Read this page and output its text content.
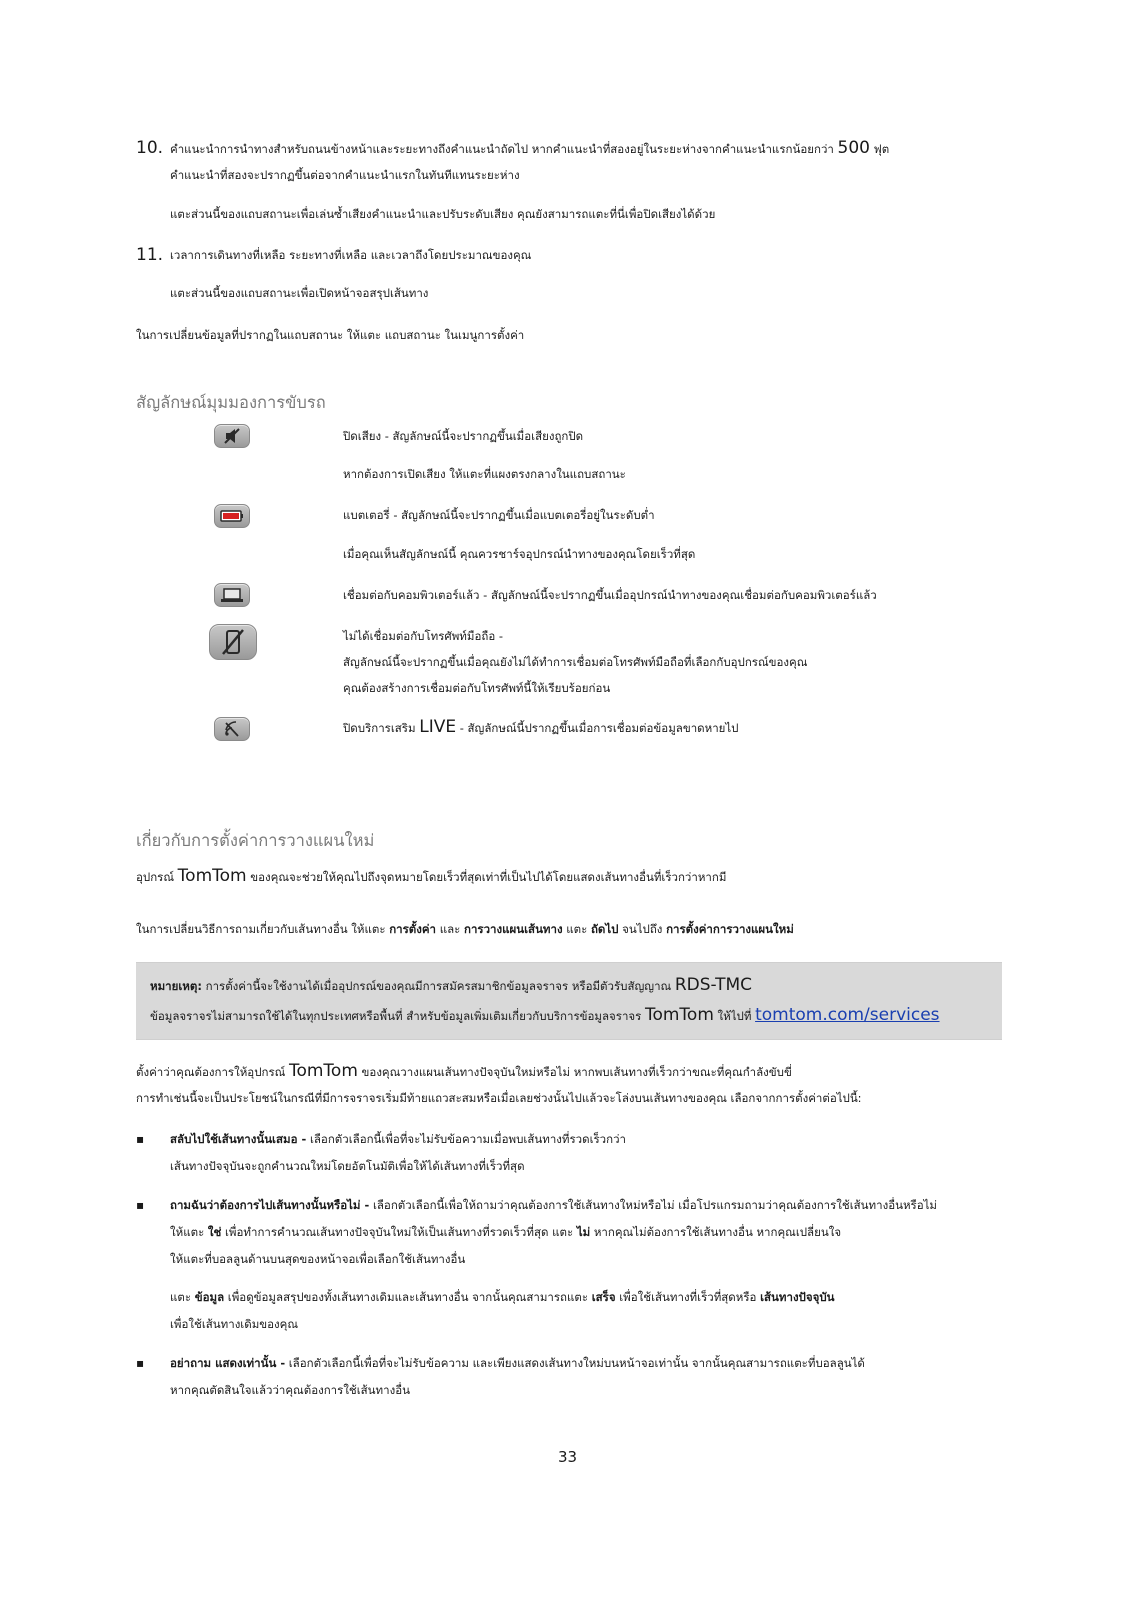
10. คำแนะนำการนำทางสำหรับถนนข้างหน้าและระยะทางถึงคำแนะนำถัดไป หากคำแนะนำที่สองอยู่ในระยะห่างจากคำแนะนำแรกน้อยกว่า 500 ฟุต
คำแนะนำที่สองจะปรากฏขึ้นต่อจากคำแนะนำแรกในทันทีแทนระยะห่าง
แตะส่วนนี้ของแถบสถานะเพื่อเล่นซ้ำเสียงคำแนะนำและปรับระดับเสียง คุณยังสามารถแตะที่นี่เพื่อปิดเสียงได้ด้วย
11. เวลาการเดินทางที่เหลือ ระยะทางที่เหลือ และเวลาถึงโดยประมาณของคุณ
แตะส่วนนี้ของแถบสถานะเพื่อเปิดหน้าจอสรุปเส้นทาง
ในการเปลี่ยนข้อมูลที่ปรากฏในแถบสถานะ ให้แตะ แถบสถานะ ในเมนูการตั้งค่า
สัญลักษณ์มุมมองการขับรถ
ปิดเสียง - สัญลักษณ์นี้จะปรากฏขึ้นเมื่อเสียงถูกปิด
หากต้องการเปิดเสียง ให้แตะที่แผงตรงกลางในแถบสถานะ
แบตเตอรี่ - สัญลักษณ์นี้จะปรากฏขึ้นเมื่อแบตเตอรี่อยู่ในระดับต่ำ
เมื่อคุณเห็นสัญลักษณ์นี้ คุณควรชาร์จอุปกรณ์นำทางของคุณโดยเร็วที่สุด
เชื่อมต่อกับคอมพิวเตอร์แล้ว - สัญลักษณ์นี้จะปรากฏขึ้นเมื่ออุปกรณ์นำทางของคุณเชื่อมต่อกับคอมพิวเตอร์แล้ว
ไม่ได้เชื่อมต่อกับโทรศัพท์มือถือ -
สัญลักษณ์นี้จะปรากฏขึ้นเมื่อคุณยังไม่ได้ทำการเชื่อมต่อโทรศัพท์มือถือที่เลือกกับอุปกรณ์ของคุณ
คุณต้องสร้างการเชื่อมต่อกับโทรศัพท์นี้ให้เรียบร้อยก่อน
ปิดบริการเสริม LIVE - สัญลักษณ์นี้ปรากฏขึ้นเมื่อการเชื่อมต่อข้อมูลขาดหายไป
เกี่ยวกับการตั้งค่าการวางแผนใหม่
อุปกรณ์ TomTom ของคุณจะช่วยให้คุณไปถึงจุดหมายโดยเร็วที่สุดเท่าที่เป็นไปได้โดยแสดงเส้นทางอื่นที่เร็วกว่าหากมี
ในการเปลี่ยนวิธีการถามเกี่ยวกับเส้นทางอื่น ให้แตะ การตั้งค่า และ การวางแผนเส้นทาง แตะ ถัดไป จนไปถึง การตั้งค่าการวางแผนใหม่
หมายเหตุ: การตั้งค่านี้จะใช้งานได้เมื่ออุปกรณ์ของคุณมีการสมัครสมาชิกข้อมูลจราจร หรือมีตัวรับสัญญาณ RDS-TMC
ข้อมูลจราจรไม่สามารถใช้ได้ในทุกประเทศหรือพื้นที่ สำหรับข้อมูลเพิ่มเติมเกี่ยวกับบริการข้อมูลจราจร TomTom ให้ไปที่ tomtom.com/services
ตั้งค่าว่าคุณต้องการให้อุปกรณ์ TomTom ของคุณวางแผนเส้นทางปัจจุบันใหม่หรือไม่ หากพบเส้นทางที่เร็วกว่าขณะที่คุณกำลังขับขี่
การทำเช่นนี้จะเป็นประโยชน์ในกรณีที่มีการจราจรเริ่มมีท้ายแถวสะสมหรือเมื่อเลยช่วงนั้นไปแล้วจะโล่งบนเส้นทางของคุณ เลือกจากการตั้งค่าต่อไปนี้:
▪ สลับไปใช้เส้นทางนั้นเสมอ - เลือกตัวเลือกนี้เพื่อที่จะไม่รับข้อความเมื่อพบเส้นทางที่รวดเร็วกว่า
เส้นทางปัจจุบันจะถูกคำนวณใหม่โดยอัตโนมัติเพื่อให้ได้เส้นทางที่เร็วที่สุด
▪ ถามฉันว่าต้องการไปเส้นทางนั้นหรือไม่ - เลือกตัวเลือกนี้เพื่อให้ถามว่าคุณต้องการใช้เส้นทางใหม่หรือไม่ เมื่อโปรแกรมถามว่าคุณต้องการใช้เส้นทางอื่นหรือไม่
ให้แตะ ใช่ เพื่อทำการคำนวณเส้นทางปัจจุบันใหม่ให้เป็นเส้นทางที่รวดเร็วที่สุด แตะ ไม่ หากคุณไม่ต้องการใช้เส้นทางอื่น หากคุณเปลี่ยนใจ
ให้แตะที่บอลลูนด้านบนสุดของหน้าจอเพื่อเลือกใช้เส้นทางอื่น
แตะ ข้อมูล เพื่อดูข้อมูลสรุปของทั้งเส้นทางเดิมและเส้นทางอื่น จากนั้นคุณสามารถแตะ เสร็จ เพื่อใช้เส้นทางที่เร็วที่สุดหรือ เส้นทางปัจจุบัน
เพื่อใช้เส้นทางเดิมของคุณ
▪ อย่าถาม แสดงเท่านั้น - เลือกตัวเลือกนี้เพื่อที่จะไม่รับข้อความ และเพียงแสดงเส้นทางใหม่บนหน้าจอเท่านั้น จากนั้นคุณสามารถแตะที่บอลลูนได้
หากคุณตัดสินใจแล้วว่าคุณต้องการใช้เส้นทางอื่น
33
